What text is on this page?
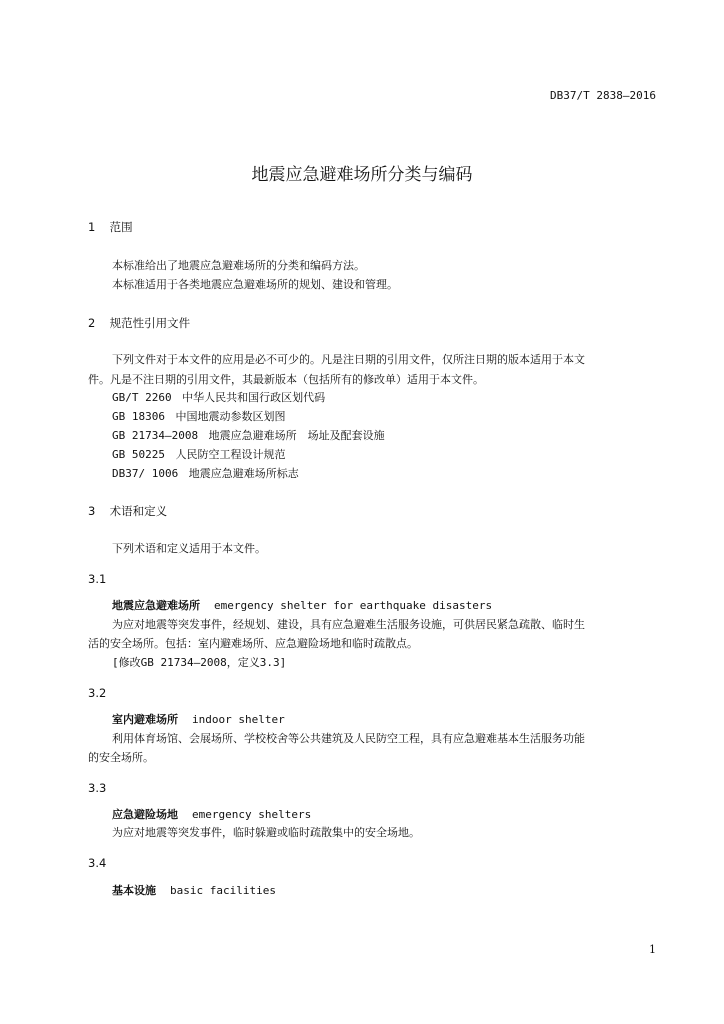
DB37/T 2838—2016
地震应急避难场所分类与编码
1 范围
本标准给出了地震应急避难场所的分类和编码方法。
本标准适用于各类地震应急避难场所的规划、建设和管理。
2 规范性引用文件
下列文件对于本文件的应用是必不可少的。凡是注日期的引用文件，仅所注日期的版本适用于本文
件。凡是不注日期的引用文件，其最新版本（包括所有的修改单）适用于本文件。
GB/T 2260 中华人民共和国行政区划代码
GB 18306 中国地震动参数区划图
GB 21734—2008 地震应急避难场所　场址及配套设施
GB 50225 人民防空工程设计规范
DB37/ 1006 地震应急避难场所标志
3 术语和定义
下列术语和定义适用于本文件。
3.1
地震应急避难场所 emergency shelter for earthquake disasters
为应对地震等突发事件，经规划、建设，具有应急避难生活服务设施，可供居民紧急疏散、临时生
活的安全场所。包括：室内避难场所、应急避险场地和临时疏散点。
[修改GB 21734—2008，定义3.3]
3.2
室内避难场所 indoor shelter
利用体育场馆、会展场所、学校校舍等公共建筑及人民防空工程，具有应急避难基本生活服务功能
的安全场所。
3.3
应急避险场地 emergency shelters
为应对地震等突发事件，临时躲避或临时疏散集中的安全场地。
3.4
基本设施 basic facilities
1
